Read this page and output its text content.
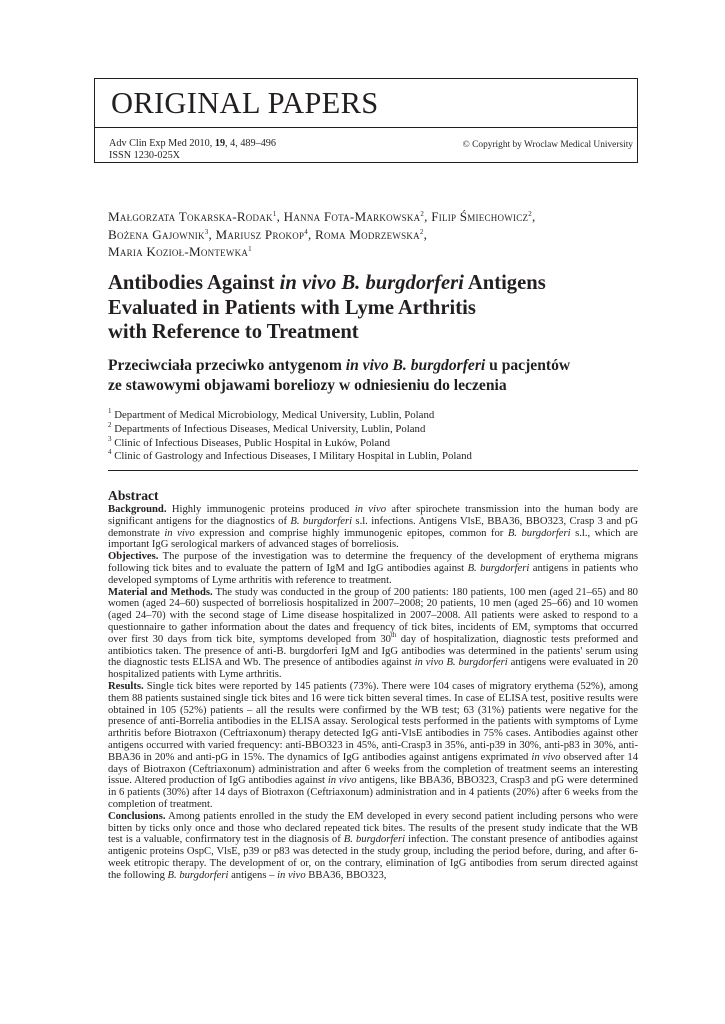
ORIGINAL PAPERS
Adv Clin Exp Med 2010, 19, 4, 489–496
ISSN 1230-025X
© Copyright by Wroclaw Medical University

Małgorzata Tokarska-Rodak$^1$, Hanna Fota-Markowska$^2$, Filip Śmiechowicz$^2$,

Bożena Gajownik$^3$, Mariusz Prokop$^4$, Roma Modrzewska$^2$,

Maria Kozioł-Montewka$^1$

Antibodies Against in vivo B. burgdorferi Antigens

Evaluated in Patients with Lyme Arthritis

with Reference to Treatment

Przeciwciała przeciwko antygenom in vivo B. burgdorferi u pacjentów

ze stawowymi objawami boreliozy w odniesieniu do leczenia

$^1$ Department of Medical Microbiology, Medical University, Lublin, Poland

$^2$ Departments of Infectious Diseases, Medical University, Lublin, Poland

$^3$ Clinic of Infectious Diseases, Public Hospital in Łuków, Poland

$^4$ Clinic of Gastrology and Infectious Diseases, I Military Hospital in Lublin, Poland

Abstract

Background. Highly immunogenic proteins produced in vivo after spirochete transmission into the human body are significant antigens for the diagnostics of B. burgdorferi s.l. infections. Antigens VlsE, BBA36, BBO323, Crasp 3 and pG demonstrate in vivo expression and comprise highly immunogenic epitopes, common for B. burgdorferi s.l., which are important IgG serological markers of advanced stages of borreliosis.

Objectives. The purpose of the investigation was to determine the frequency of the development of erythema migrans following tick bites and to evaluate the pattern of IgM and IgG antibodies against B. burgdorferi antigens in patients who developed symptoms of Lyme arthritis with reference to treatment.

Material and Methods. The study was conducted in the group of 200 patients: 180 patients, 100 men (aged 21–65) and 80 women (aged 24–60) suspected of borreliosis hospitalized in 2007–2008; 20 patients, 10 men (aged 25–66) and 10 women (aged 24–70) with the second stage of Lime disease hospitalized in 2007–2008. All patients were asked to respond to a questionnaire to gather information about the dates and frequency of tick bites, incidents of EM, symptoms that occurred over first 30 days from tick bite, symptoms developed from 30th day of hospitalization, diagnostic tests preformed and antibiotics taken. The presence of anti-B. burgdorferi IgM and IgG antibodies was determined in the patients' serum using the diagnostic tests ELISA and Wb. The presence of antibodies against in vivo B. burgdorferi antigens were evaluated in 20 hospitalized patients with Lyme arthritis.

Results. Single tick bites were reported by 145 patients (73%). There were 104 cases of migratory erythema (52%), among them 88 patients sustained single tick bites and 16 were tick bitten several times. In case of ELISA test, positive results were obtained in 105 (52%) patients – all the results were confirmed by the WB test; 63 (31%) patients were negative for the presence of anti-Borrelia antibodies in the ELISA assay. Serological tests performed in the patients with symptoms of Lyme arthritis before Biotraxon (Ceftriaxonum) therapy detected IgG anti-VlsE antibodies in 75% cases. Antibodies against other antigens occurred with varied frequency: anti-BBO323 in 45%, anti-Crasp3 in 35%, anti-p39 in 30%, anti-p83 in 30%, anti-BBA36 in 20% and anti-pG in 15%. The dynamics of IgG antibodies against antigens exprimated in vivo observed after 14 days of Biotraxon (Ceftriaxonum) administration and after 6 weeks from the completion of treatment seems an interesting issue. Altered production of IgG antibodies against in vivo antigens, like BBA36, BBO323, Crasp3 and pG were determined in 6 patients (30%) after 14 days of Biotraxon (Ceftriaxonum) administration and in 4 patients (20%) after 6 weeks from the completion of treatment.

Conclusions. Among patients enrolled in the study the EM developed in every second patient including persons who were bitten by ticks only once and those who declared repeated tick bites. The results of the present study indicate that the WB test is a valuable, confirmatory test in the diagnosis of B. burgdorferi infection. The constant presence of antibodies against antigenic proteins OspC, VlsE, p39 or p83 was detected in the study group, including the period before, during, and after 6-week etitropic therapy. The development of or, on the contrary, elimination of IgG antibodies from serum directed against the following B. burgdorferi antigens – in vivo BBA36, BBO323,
